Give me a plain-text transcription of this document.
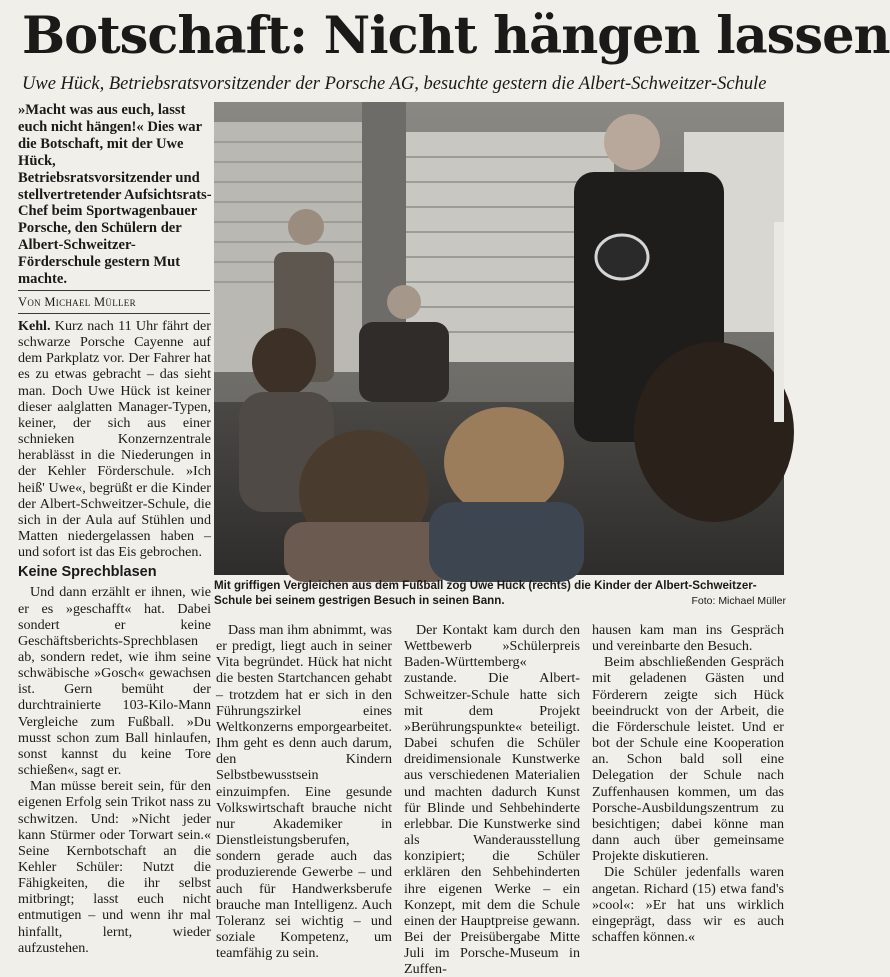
Botschaft: Nicht hängen lassen
Uwe Hück, Betriebsratsvorsitzender der Porsche AG, besuchte gestern die Albert-Schweitzer-Schule
»Macht was aus euch, lasst euch nicht hängen!« Dies war die Botschaft, mit der Uwe Hück, Betriebsratsvorsitzender und stellvertretender Aufsichtsrats-Chef beim Sportwagenbauer Porsche, den Schülern der Albert-Schweitzer-Förderschule gestern Mut machte.
Von Michael Müller

Kehl. Kurz nach 11 Uhr fährt der schwarze Porsche Cayenne auf dem Parkplatz vor. Der Fahrer hat es zu etwas gebracht – das sieht man. Doch Uwe Hück ist keiner dieser aalglatten Manager-Typen, keiner, der sich aus einer schnieken Konzernzentrale herablässt in die Niederungen in der Kehler Förderschule. »Ich heiß' Uwe«, begrüßt er die Kinder der Albert-Schweitzer-Schule, die sich in der Aula auf Stühlen und Matten niedergelassen haben – und sofort ist das Eis gebrochen.

Keine Sprechblasen

Und dann erzählt er ihnen, wie er es »geschafft« hat. Dabei sondert er keine Geschäftsberichts-Sprechblasen ab, sondern redet, wie ihm seine schwäbische »Gosch« gewachsen ist. Gern bemüht der durchtrainierte 103-Kilo-Mann Vergleiche zum Fußball. »Du musst schon zum Ball hinlaufen, sonst kannst du keine Tore schießen«, sagt er.

Man müsse bereit sein, für den eigenen Erfolg sein Trikot nass zu schwitzen. Und: »Nicht jeder kann Stürmer oder Torwart sein.« Seine Kernbotschaft an die Kehler Schüler: Nutzt die Fähigkeiten, die ihr selbst mitbringt; lasst euch nicht entmutigen – und wenn ihr mal hinfallt, lernt, wieder aufzustehen.

Mit griffigen Vergleichen aus dem Fußball zog Uwe Hück (rechts) die Kinder der Albert-Schweitzer-Schule bei seinem gestrigen Besuch in seinen Bann.	Foto: Michael Müller

Dass man ihm abnimmt, was er predigt, liegt auch in seiner Vita begründet. Hück hat nicht die besten Startchancen gehabt – trotzdem hat er sich in den Führungszirkel eines Weltkonzerns emporgearbeitet. Ihm geht es denn auch darum, den Kindern Selbstbewusstsein einzuimpfen. Eine gesunde Volkswirtschaft brauche nicht nur Akademiker in Dienstleistungsberufen, sondern gerade auch das produzierende Gewerbe – und auch für Handwerksberufe brauche man Intelligenz. Auch Toleranz sei wichtig – und soziale Kompetenz, um teamfähig zu sein.

Der Kontakt kam durch den Wettbewerb »Schülerpreis Baden-Württemberg« zustande. Die Albert-Schweitzer-Schule hatte sich mit dem Projekt »Berührungspunkte« beteiligt. Dabei schufen die Schüler dreidimensionale Kunstwerke aus verschiedenen Materialien und machten dadurch Kunst für Blinde und Sehbehinderte erlebbar. Die Kunstwerke sind als Wanderausstellung konzipiert; die Schüler erklären den Sehbehinderten ihre eigenen Werke – ein Konzept, mit dem die Schule einen der Hauptpreise gewann. Bei der Preisübergabe Mitte Juli im Porsche-Museum in Zuffen-

hausen kam man ins Gespräch und vereinbarte den Besuch.

Beim abschließenden Gespräch mit geladenen Gästen und Förderern zeigte sich Hück beeindruckt von der Arbeit, die die Förderschule leistet. Und er bot der Schule eine Kooperation an. Schon bald soll eine Delegation der Schule nach Zuffenhausen kommen, um das Porsche-Ausbildungszentrum zu besichtigen; dabei könne man dann auch über gemeinsame Projekte diskutieren.

Die Schüler jedenfalls waren angetan. Richard (15) etwa fand's »cool«: »Er hat uns wirklich eingeprägt, dass wir es auch schaffen können.«
